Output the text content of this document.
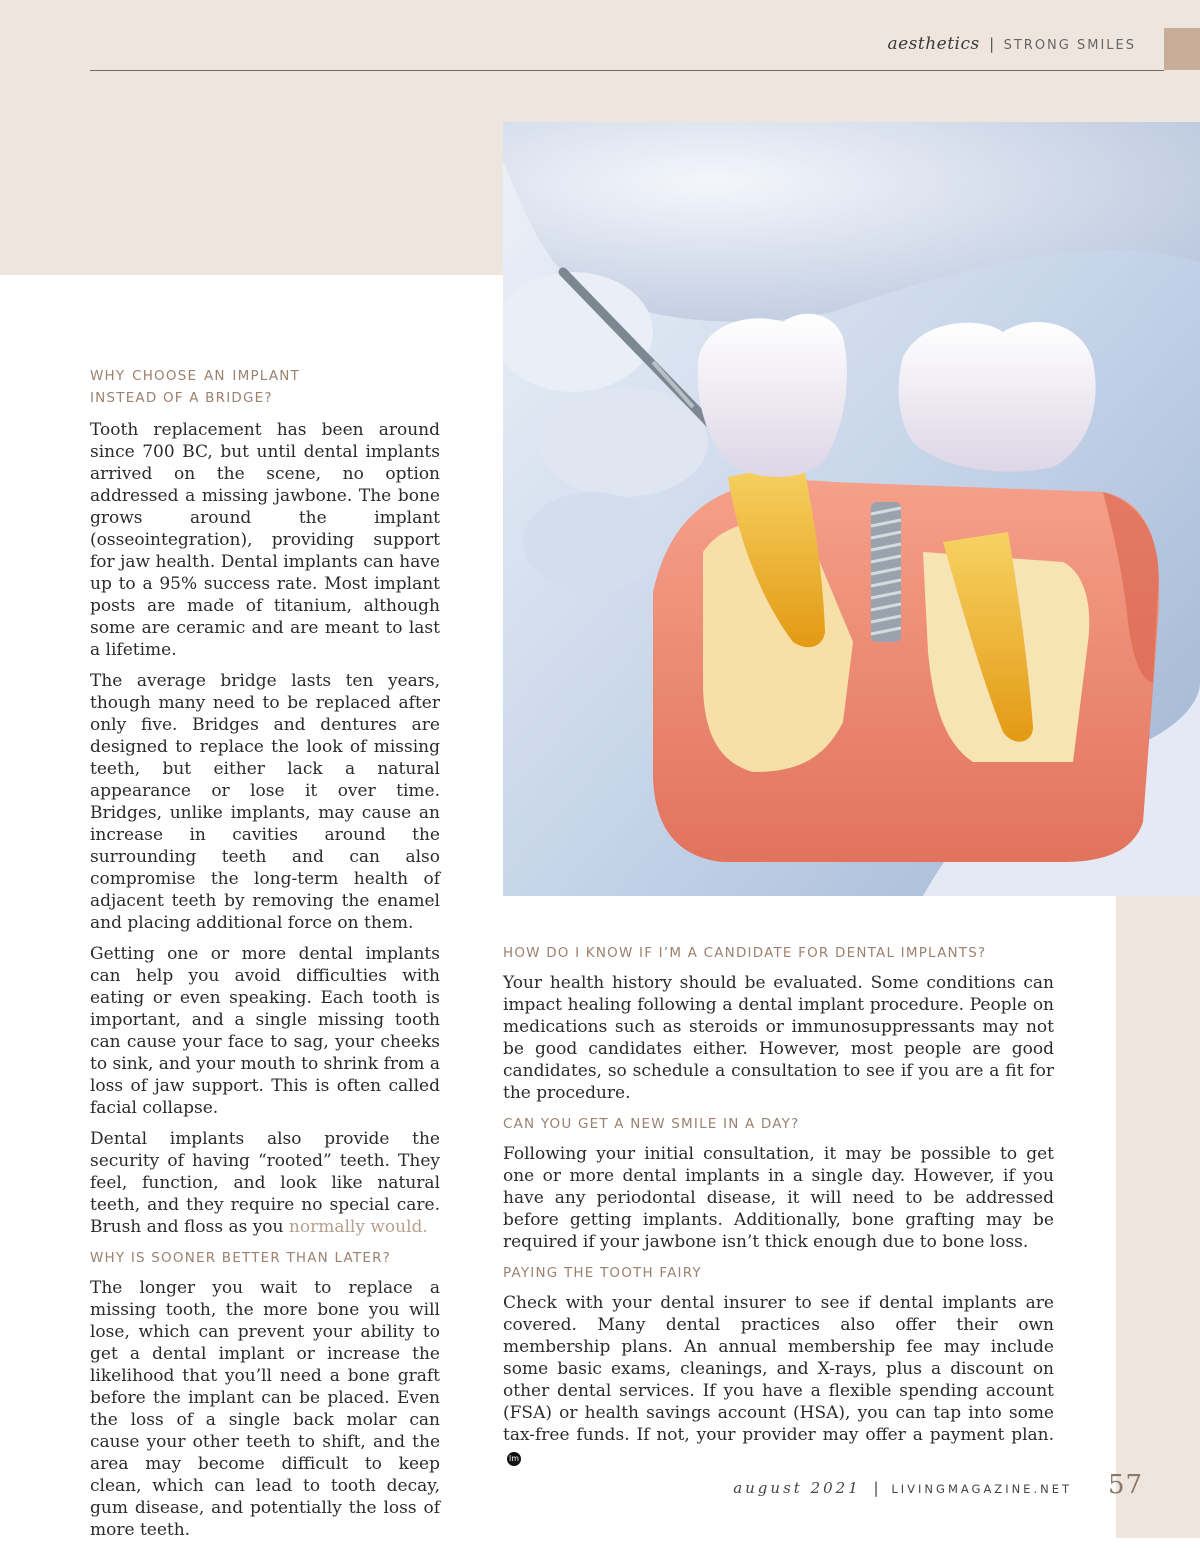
aesthetics | STRONG SMILES
WHY CHOOSE AN IMPLANT INSTEAD OF A BRIDGE?

Tooth replacement has been around since 700 BC, but until dental implants arrived on the scene, no option addressed a missing jawbone. The bone grows around the implant (osseointegration), providing support for jaw health. Dental implants can have up to a 95% success rate. Most implant posts are made of titanium, although some are ceramic and are meant to last a lifetime.

The average bridge lasts ten years, though many need to be replaced after only five. Bridges and dentures are designed to replace the look of missing teeth, but either lack a natural appearance or lose it over time. Bridges, unlike implants, may cause an increase in cavities around the surrounding teeth and can also compromise the long-term health of adjacent teeth by removing the enamel and placing additional force on them.

Getting one or more dental implants can help you avoid difficulties with eating or even speaking. Each tooth is important, and a single missing tooth can cause your face to sag, your cheeks to sink, and your mouth to shrink from a loss of jaw support. This is often called facial collapse.

Dental implants also provide the security of having “rooted” teeth. They feel, function, and look like natural teeth, and they require no special care. Brush and floss as you normally would.

WHY IS SOONER BETTER THAN LATER?

The longer you wait to replace a missing tooth, the more bone you will lose, which can prevent your ability to get a dental implant or increase the likelihood that you’ll need a bone graft before the implant can be placed. Even the loss of a single back molar can cause your other teeth to shift, and the area may become difficult to keep clean, which can lead to tooth decay, gum disease, and potentially the loss of more teeth.

HOW DO I KNOW IF I’M A CANDIDATE FOR DENTAL IMPLANTS?

Your health history should be evaluated. Some conditions can impact healing following a dental implant procedure. People on medications such as steroids or immunosuppressants may not be good candidates either. However, most people are good candidates, so schedule a consultation to see if you are a fit for the procedure.

CAN YOU GET A NEW SMILE IN A DAY?

Following your initial consultation, it may be possible to get one or more dental implants in a single day. However, if you have any periodontal disease, it will need to be addressed before getting implants. Additionally, bone grafting may be required if your jawbone isn’t thick enough due to bone loss.

PAYING THE TOOTH FAIRY

Check with your dental insurer to see if dental implants are covered. Many dental practices also offer their own membership plans. An annual membership fee may include some basic exams, cleanings, and X-rays, plus a discount on other dental services. If you have a flexible spending account (FSA) or health savings account (HSA), you can tap into some tax-free funds. If not, your provider may offer a payment plan.lm

august 2021 | LIVINGMAGAZINE.NET 57
